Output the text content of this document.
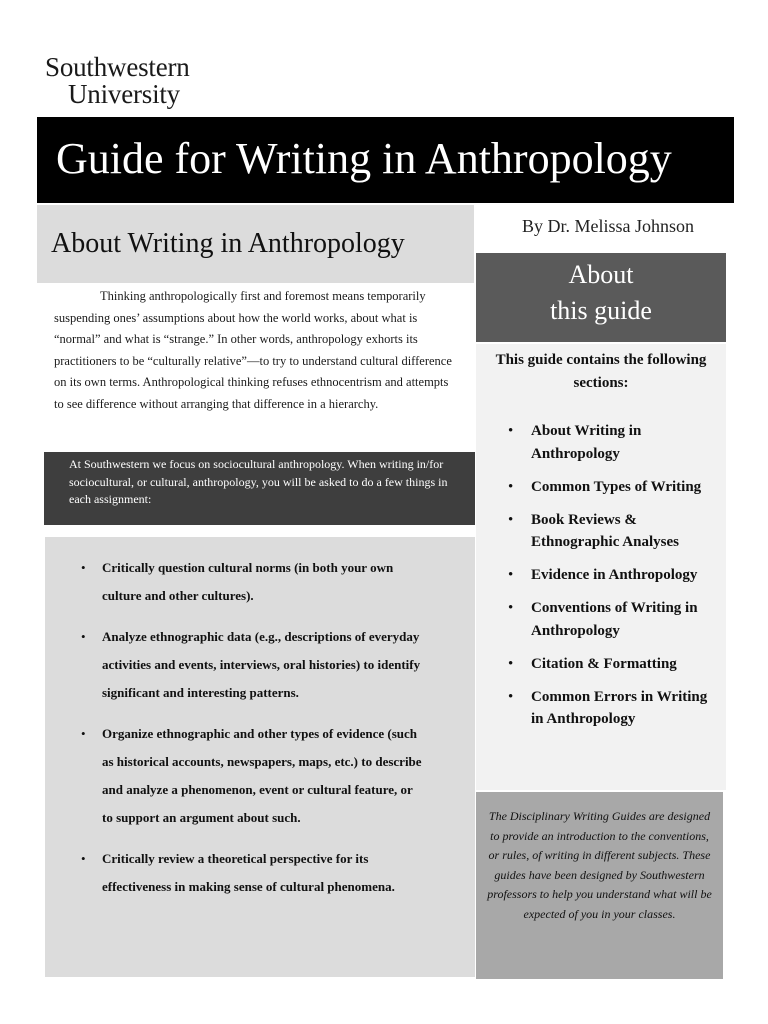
Southwestern
University
Guide for Writing in Anthropology
About Writing in Anthropology

Thinking anthropologically first and foremost means temporarily suspending ones’ assumptions about how the world works, about what is “normal” and what is “strange.” In other words, anthropology exhorts its practitioners to be “culturally relative”—to try to understand cultural difference on its own terms. Anthropological thinking refuses ethnocentrism and attempts to see difference without arranging that difference in a hierarchy.

At Southwestern we focus on sociocultural anthropology. When writing in/for sociocultural, or cultural, anthropology, you will be asked to do a few things in each assignment:

• Critically question cultural norms (in both your own culture and other cultures).
• Analyze ethnographic data (e.g., descriptions of everyday activities and events, interviews, oral histories) to identify significant and interesting patterns.
• Organize ethnographic and other types of evidence (such as historical accounts, newspapers, maps, etc.) to describe and analyze a phenomenon, event or cultural feature, or to support an argument about such.
• Critically review a theoretical perspective for its effectiveness in making sense of cultural phenomena.
By Dr. Melissa Johnson
About
this guide
This guide contains the following sections:
• About Writing in Anthropology
• Common Types of Writing
• Book Reviews & Ethnographic Analyses
• Evidence in Anthropology
• Conventions of Writing in Anthropology
• Citation & Formatting
• Common Errors in Writing in Anthropology

The Disciplinary Writing Guides are designed to provide an introduction to the conventions, or rules, of writing in different subjects. These guides have been designed by Southwestern professors to help you understand what will be expected of you in your classes.
